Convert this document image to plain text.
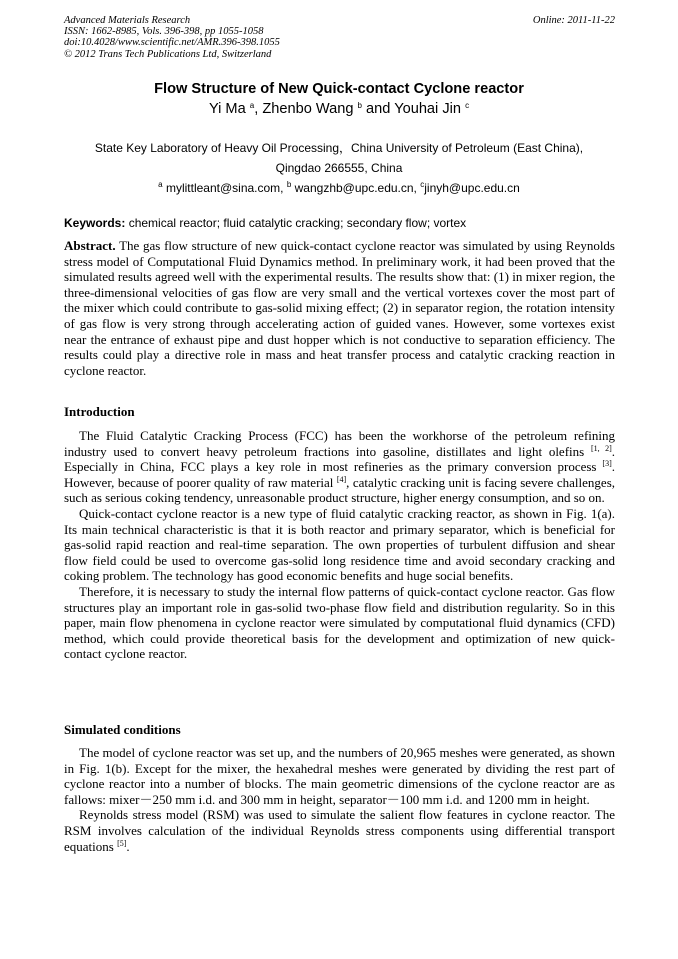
Advanced Materials Research
ISSN: 1662-8985, Vols. 396-398, pp 1055-1058
doi:10.4028/www.scientific.net/AMR.396-398.1055
© 2012 Trans Tech Publications Ltd, Switzerland
Online: 2011-11-22
Flow Structure of New Quick-contact Cyclone reactor
Yi Ma $^a$, Zhenbo Wang $^b$ and Youhai Jin $^c$
State Key Laboratory of Heavy Oil Processing，China University of Petroleum (East China),
Qingdao 266555, China
$^a$ mylittleant@sina.com, $^b$ wangzhb@upc.edu.cn, $^c$jinyh@upc.edu.cn
Keywords: chemical reactor; fluid catalytic cracking; secondary flow; vortex

Abstract. The gas flow structure of new quick-contact cyclone reactor was simulated by using Reynolds stress model of Computational Fluid Dynamics method. In preliminary work, it had been proved that the simulated results agreed well with the experimental results. The results show that: (1) in mixer region, the three-dimensional velocities of gas flow are very small and the vertical vortexes cover the most part of the mixer which could contribute to gas-solid mixing effect; (2) in separator region, the rotation intensity of gas flow is very strong through accelerating action of guided vanes. However, some vortexes exist near the entrance of exhaust pipe and dust hopper which is not conductive to separation efficiency. The results could play a directive role in mass and heat transfer process and catalytic cracking reaction in cyclone reactor.

Introduction

The Fluid Catalytic Cracking Process (FCC) has been the workhorse of the petroleum refining industry used to convert heavy petroleum fractions into gasoline, distillates and light olefins [1, 2]. Especially in China, FCC plays a key role in most refineries as the primary conversion process [3]. However, because of poorer quality of raw material [4], catalytic cracking unit is facing severe challenges, such as serious coking tendency, unreasonable product structure, higher energy consumption, and so on.

Quick-contact cyclone reactor is a new type of fluid catalytic cracking reactor, as shown in Fig. 1(a). Its main technical characteristic is that it is both reactor and primary separator, which is beneficial for gas-solid rapid reaction and real-time separation. The own properties of turbulent diffusion and shear flow field could be used to overcome gas-solid long residence time and avoid secondary cracking and coking problem. The technology has good economic benefits and huge social benefits.

Therefore, it is necessary to study the internal flow patterns of quick-contact cyclone reactor. Gas flow structures play an important role in gas-solid two-phase flow field and distribution regularity. So in this paper, main flow phenomena in cyclone reactor were simulated by computational fluid dynamics (CFD) method, which could provide theoretical basis for the development and optimization of new quick-contact cyclone reactor.

Simulated conditions

The model of cyclone reactor was set up, and the numbers of 20,965 meshes were generated, as shown in Fig. 1(b). Except for the mixer, the hexahedral meshes were generated by dividing the rest part of cyclone reactor into a number of blocks. The main geometric dimensions of the cyclone reactor are as fallows: mixer－250 mm i.d. and 300 mm in height, separator－100 mm i.d. and 1200 mm in height.

Reynolds stress model (RSM) was used to simulate the salient flow features in cyclone reactor. The RSM involves calculation of the individual Reynolds stress components using differential transport equations [5].
